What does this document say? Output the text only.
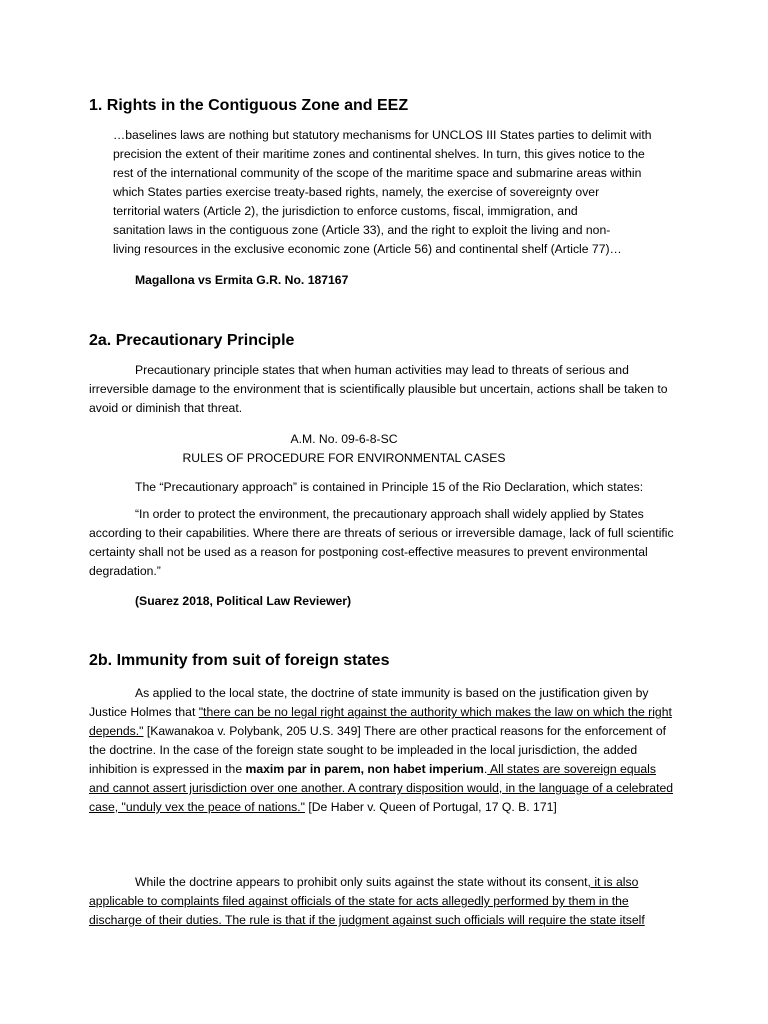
1. Rights in the Contiguous Zone and EEZ
…baselines laws are nothing but statutory mechanisms for UNCLOS III States parties to delimit with
precision the extent of their maritime zones and continental shelves. In turn, this gives notice to the
rest of the international community of the scope of the maritime space and submarine areas within
which States parties exercise treaty-based rights, namely, the exercise of sovereignty over
territorial waters (Article 2), the jurisdiction to enforce customs, fiscal, immigration, and
sanitation laws in the contiguous zone (Article 33), and the right to exploit the living and non-
living resources in the exclusive economic zone (Article 56) and continental shelf (Article 77)…

Magallona vs Ermita G.R. No. 187167

2a. Precautionary Principle

Precautionary principle states that when human activities may lead to threats of serious and irreversible damage to the environment that is scientifically plausible but uncertain, actions shall be taken to avoid or diminish that threat.

A.M. No. 09-6-8-SC

RULES OF PROCEDURE FOR ENVIRONMENTAL CASES

The “Precautionary approach” is contained in Principle 15 of the Rio Declaration, which states:

“In order to protect the environment, the precautionary approach shall widely applied by States according to their capabilities. Where there are threats of serious or irreversible damage, lack of full scientific certainty shall not be used as a reason for postponing cost-effective measures to prevent environmental degradation.”

(Suarez 2018, Political Law Reviewer)

2b. Immunity from suit of foreign states

As applied to the local state, the doctrine of state immunity is based on the justification given by Justice Holmes that "there can be no legal right against the authority which makes the law on which the right depends." [Kawanakoa v. Polybank, 205 U.S. 349] There are other practical reasons for the enforcement of the doctrine. In the case of the foreign state sought to be impleaded in the local jurisdiction, the added inhibition is expressed in the maxim par in parem, non habet imperium. All states are sovereign equals and cannot assert jurisdiction over one another. A contrary disposition would, in the language of a celebrated case, "unduly vex the peace of nations." [De Haber v. Queen of Portugal, 17 Q. B. 171]

While the doctrine appears to prohibit only suits against the state without its consent, it is also applicable to complaints filed against officials of the state for acts allegedly performed by them in the discharge of their duties. The rule is that if the judgment against such officials will require the state itself
